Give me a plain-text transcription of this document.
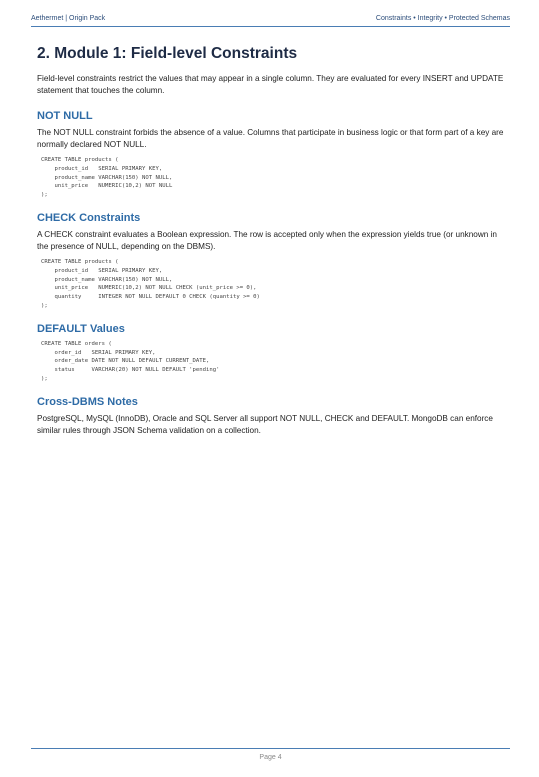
Aethermet | Origin Pack	Constraints • Integrity • Protected Schemas
2. Module 1: Field-level Constraints

Field-level constraints restrict the values that may appear in a single column. They are evaluated for every INSERT and UPDATE statement that touches the column.

NOT NULL

The NOT NULL constraint forbids the absence of a value. Columns that participate in business logic or that form part of a key are normally declared NOT NULL.

CREATE TABLE products (
product_id   SERIAL PRIMARY KEY,
product_name VARCHAR(150) NOT NULL,
unit_price   NUMERIC(10,2) NOT NULL
);
CHECK Constraints

A CHECK constraint evaluates a Boolean expression. The row is accepted only when the expression yields true (or unknown in the presence of NULL, depending on the DBMS).

CREATE TABLE products (
product_id   SERIAL PRIMARY KEY,
product_name VARCHAR(150) NOT NULL,
unit_price   NUMERIC(10,2) NOT NULL CHECK (unit_price >= 0),
quantity     INTEGER NOT NULL DEFAULT 0 CHECK (quantity >= 0)
);
DEFAULT Values
CREATE TABLE orders (
order_id   SERIAL PRIMARY KEY,
order_date DATE NOT NULL DEFAULT CURRENT_DATE,
status     VARCHAR(20) NOT NULL DEFAULT 'pending'
);
Cross-DBMS Notes

PostgreSQL, MySQL (InnoDB), Oracle and SQL Server all support NOT NULL, CHECK and DEFAULT. MongoDB can enforce similar rules through JSON Schema validation on a collection.

Page 4
